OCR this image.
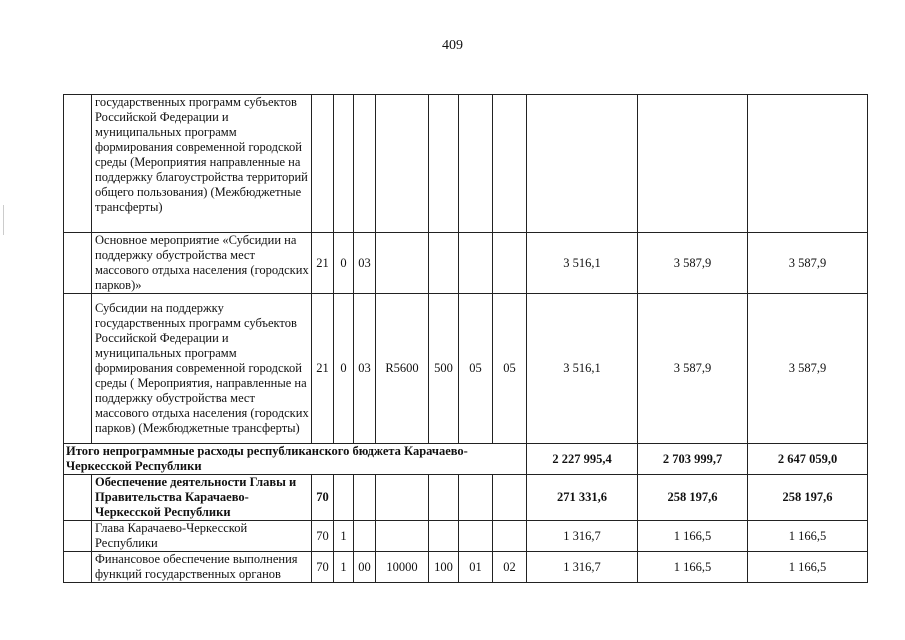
409
	государственных программ субъектов Российской Федерации и муниципальных программ формирования современной городской среды (Мероприятия направленные на поддержку благоустройства территорий общего пользования) (Межбюджетные трансферты)										
	Основное мероприятие «Субсидии на поддержку обустройства мест массового отдыха населения (городских парков)»	21	0	03					3 516,1	3 587,9	3 587,9
	Субсидии на поддержку государственных программ субъектов Российской Федерации и муниципальных программ формирования современной городской среды ( Мероприятия, направленные на поддержку обустройства мест массового отдыха населения (городских парков) (Межбюджетные трансферты)	21	0	03	R5600	500	05	05	3 516,1	3 587,9	3 587,9
Итого непрограммные расходы республиканского бюджета Карачаево-Черкесской Республики									2 227 995,4	2 703 999,7	2 647 059,0
	Обеспечение деятельности Главы и Правительства Карачаево-Черкесской Республики	70							271 331,6	258 197,6	258 197,6
	Глава Карачаево-Черкесской Республики	70	1						1 316,7	1 166,5	1 166,5
	Финансовое обеспечение выполнения функций государственных органов	70	1	00	10000	100	01	02	1 316,7	1 166,5	1 166,5
